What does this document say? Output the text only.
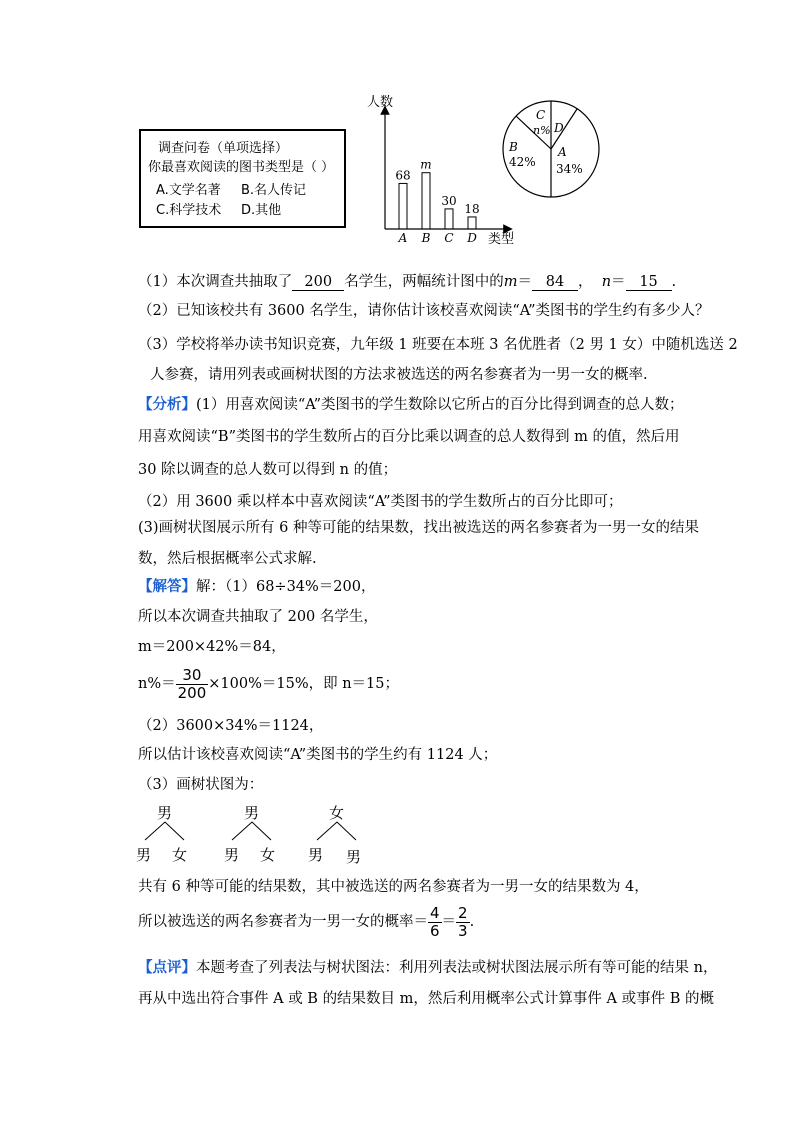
调查问卷（单项选择）
你最喜欢阅读的图书类型是（ ）
A.文学名著 B.名人传记
C.科学技术 D.其他
人数
类型
68
A
m
B
30
C
18
D
A
34%
B
42%
C
n% D
（1）本次调查共抽取了 200 名学生，两幅统计图中的m＝ 84 ， n＝ 15 .
（2）已知该校共有 3600 名学生，请你估计该校喜欢阅读“A”类图书的学生约有多少人？
（3）学校将举办读书知识竞赛，九年级 1 班要在本班 3 名优胜者（2 男 1 女）中随机选送 2
人参赛，请用列表或画树状图的方法求被选送的两名参赛者为一男一女的概率.
【分析】(1）用喜欢阅读“A”类图书的学生数除以它所占的百分比得到调查的总人数；
用喜欢阅读“B”类图书的学生数所占的百分比乘以调查的总人数得到 m 的值，然后用
30 除以调查的总人数可以得到 n 的值；
（2）用 3600 乘以样本中喜欢阅读“A”类图书的学生数所占的百分比即可；
(3)画树状图展示所有 6 种等可能的结果数，找出被选送的两名参赛者为一男一女的结果
数，然后根据概率公式求解.
【解答】解：（1）68÷34%＝200，
所以本次调查共抽取了 200 名学生，
m＝200×42%＝84，
$n\%= \frac{30}{200} \times 100\%=15\%$，即 n＝15；
（2）3600×34%＝1124，
所以估计该校喜欢阅读“A”类图书的学生约有 1124 人；
（3）画树状图为：
男
男 女
男
男 女
女
男 男
共有 6 种等可能的结果数，其中被选送的两名参赛者为一男一女的结果数为 4，
所以被选送的两名参赛者为一男一女的概率＝ $\frac{4}{6} = \frac{2}{3}$ .
【点评】本题考查了列表法与树状图法：利用列表法或树状图法展示所有等可能的结果 n，
再从中选出符合事件 A 或 B 的结果数目 m，然后利用概率公式计算事件 A 或事件 B 的概
